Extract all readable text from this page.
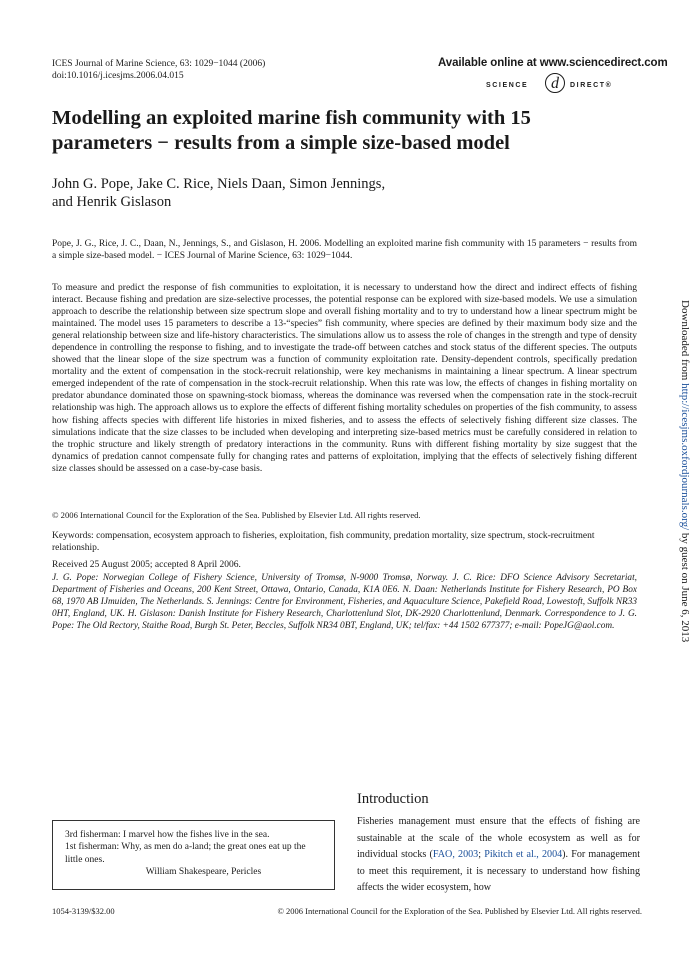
ICES Journal of Marine Science, 63: 1029−1044 (2006)
doi:10.1016/j.icesjms.2006.04.015
Available online at www.sciencedirect.com
SCIENCE d DIRECT®
Modelling an exploited marine fish community with 15 parameters − results from a simple size-based model
John G. Pope, Jake C. Rice, Niels Daan, Simon Jennings,
and Henrik Gislason
Pope, J. G., Rice, J. C., Daan, N., Jennings, S., and Gislason, H. 2006. Modelling an exploited marine fish community with 15 parameters − results from a simple size-based model. − ICES Journal of Marine Science, 63: 1029−1044.
To measure and predict the response of fish communities to exploitation, it is necessary to understand how the direct and indirect effects of fishing interact. Because fishing and predation are size-selective processes, the potential response can be explored with size-based models. We use a simulation approach to describe the relationship between size spectrum slope and overall fishing mortality and to try to understand how a linear spectrum might be maintained. The model uses 15 parameters to describe a 13-“species” fish community, where species are defined by their maximum body size and the general relationship between size and life-history characteristics. The simulations allow us to assess the role of changes in the strength and type of density dependence in controlling the response to fishing, and to investigate the trade-off between catches and stock status of the different species. The outputs showed that the linear slope of the size spectrum was a function of community exploitation rate. Density-dependent controls, specifically predation mortality and the extent of compensation in the stock-recruit relationship, were key mechanisms in maintaining a linear spectrum. A linear spectrum emerged independent of the rate of compensation in the stock-recruit relationship. When this rate was low, the effects of changes in fishing mortality on predator abundance dominated those on spawning-stock biomass, whereas the dominance was reversed when the compensation rate in the stock-recruit relationship was high. The approach allows us to explore the effects of different fishing mortality schedules on properties of the fish community, to assess how fishing affects species with different life histories in mixed fisheries, and to assess the effects of selectively fishing different size classes. The simulations indicate that the size classes to be included when developing and interpreting size-based metrics must be carefully considered in relation to the trophic structure and likely strength of predatory interactions in the community. Runs with different fishing mortality by size suggest that the dynamics of predation cannot compensate fully for changing rates and patterns of exploitation, implying that the effects of selectively fishing different size classes should be assessed on a case-by-case basis.
© 2006 International Council for the Exploration of the Sea. Published by Elsevier Ltd. All rights reserved.
Keywords: compensation, ecosystem approach to fisheries, exploitation, fish community, predation mortality, size spectrum, stock-recruitment relationship.
Received 25 August 2005; accepted 8 April 2006.
J. G. Pope: Norwegian College of Fishery Science, University of Tromsø, N-9000 Tromsø, Norway. J. C. Rice: DFO Science Advisory Secretariat, Department of Fisheries and Oceans, 200 Kent Street, Ottawa, Ontario, Canada, K1A 0E6. N. Daan: Netherlands Institute for Fishery Research, PO Box 68, 1970 AB IJmuiden, The Netherlands. S. Jennings: Centre for Environment, Fisheries, and Aquaculture Science, Pakefield Road, Lowestoft, Suffolk NR33 0HT, England, UK. H. Gislason: Danish Institute for Fishery Research, Charlottenlund Slot, DK-2920 Charlottenlund, Denmark. Correspondence to J. G. Pope: The Old Rectory, Staithe Road, Burgh St. Peter, Beccles, Suffolk NR34 0BT, England, UK; tel/fax: +44 1502 677377; e-mail: PopeJG@aol.com.
Downloaded from http://icesjms.oxfordjournals.org/ by guest on June 6, 2013
3rd fisherman: I marvel how the fishes live in the sea.
1st fisherman: Why, as men do a-land; the great ones eat up the little ones.
William Shakespeare, Pericles
Introduction
Fisheries management must ensure that the effects of fishing are sustainable at the scale of the whole ecosystem as well as for individual stocks (FAO, 2003; Pikitch et al., 2004). For management to meet this requirement, it is necessary to understand how fishing affects the wider ecosystem, how
1054-3139/$32.00	© 2006 International Council for the Exploration of the Sea. Published by Elsevier Ltd. All rights reserved.
